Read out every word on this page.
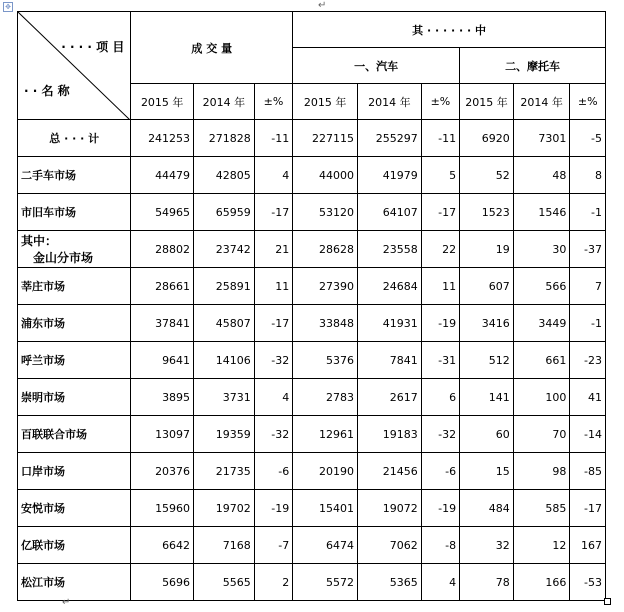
✥	↵
· · · · 项 目
· · 名 称	成 交 量			其 · · · · · · 中					
				一、汽车			二、摩托车		
	2015 年	2014 年	±%	2015 年	2014 年	±%	2015 年	2014 年	±%
总 · · · 计	241253	271828	-11	227115	255297	-11	6920	7301	-5
二手车市场	44479	42805	4	44000	41979	5	52	48	8
市旧车市场	54965	65959	-17	53120	64107	-17	1523	1546	-1

其中：
金山分市场	28802	23742	21	28628	23558	22	19	30	-37
莘庄市场	28661	25891	11	27390	24684	11	607	566	7
浦东市场	37841	45807	-17	33848	41931	-19	3416	3449	-1
呼兰市场	9641	14106	-32	5376	7841	-31	512	661	-23
崇明市场	3895	3731	4	2783	2617	6	141	100	41
百联联合市场	13097	19359	-32	12961	19183	-32	60	70	-14
口岸市场	20376	21735	-6	20190	21456	-6	15	98	-85
安悦市场	15960	19702	-19	15401	19072	-19	484	585	-17
亿联市场	6642	7168	-7	6474	7062	-8	32	12	167
松江市场	5696	5565	2	5572	5365	4	78	166	-53
↵
